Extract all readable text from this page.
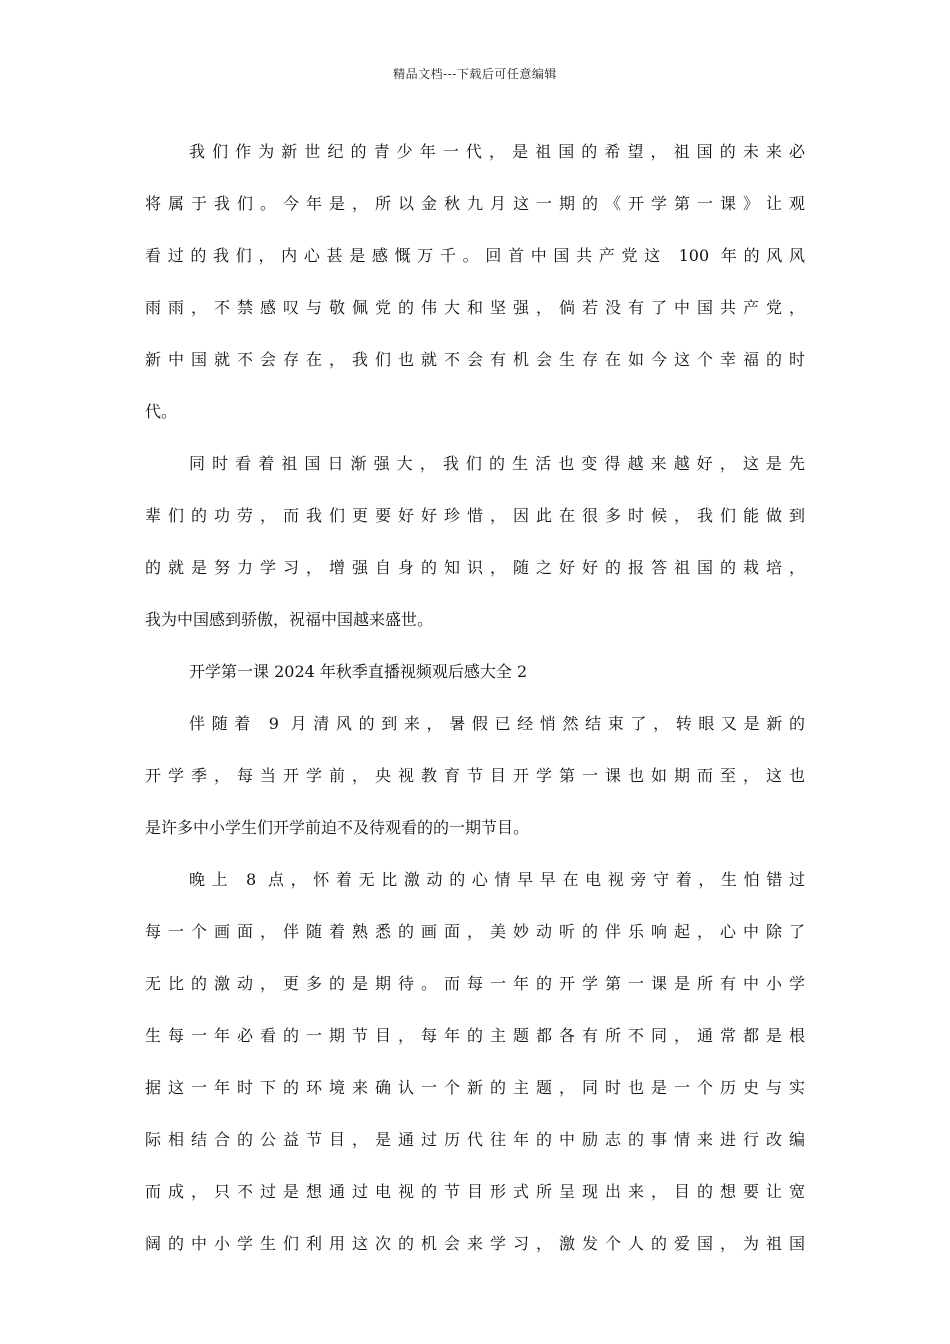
精品文档---下载后可任意编辑
我们作为新世纪的青少年一代，是祖国的希望，祖国的未来必
将属于我们。今年是，所以金秋九月这一期的《开学第一课》让观
看过的我们，内心甚是感慨万千。回首中国共产党这 100 年的风风
雨雨，不禁感叹与敬佩党的伟大和坚强，倘若没有了中国共产党，
新中国就不会存在，我们也就不会有机会生存在如今这个幸福的时
代。
同时看着祖国日渐强大，我们的生活也变得越来越好，这是先
辈们的功劳，而我们更要好好珍惜，因此在很多时候，我们能做到
的就是努力学习，增强自身的知识，随之好好的报答祖国的栽培，
我为中国感到骄傲，祝福中国越来盛世。
开学第一课 2024 年秋季直播视频观后感大全 2
伴随着 9 月清风的到来，暑假已经悄然结束了，转眼又是新的
开学季，每当开学前，央视教育节目开学第一课也如期而至，这也
是许多中小学生们开学前迫不及待观看的的一期节目。
晚上 8 点，怀着无比激动的心情早早在电视旁守着，生怕错过
每一个画面，伴随着熟悉的画面，美妙动听的伴乐响起，心中除了
无比的激动，更多的是期待。而每一年的开学第一课是所有中小学
生每一年必看的一期节目，每年的主题都各有所不同，通常都是根
据这一年时下的环境来确认一个新的主题，同时也是一个历史与实
际相结合的公益节目，是通过历代往年的中励志的事情来进行改编
而成，只不过是想通过电视的节目形式所呈现出来，目的想要让宽
阔的中小学生们利用这次的机会来学习，激发个人的爱国，为祖国
